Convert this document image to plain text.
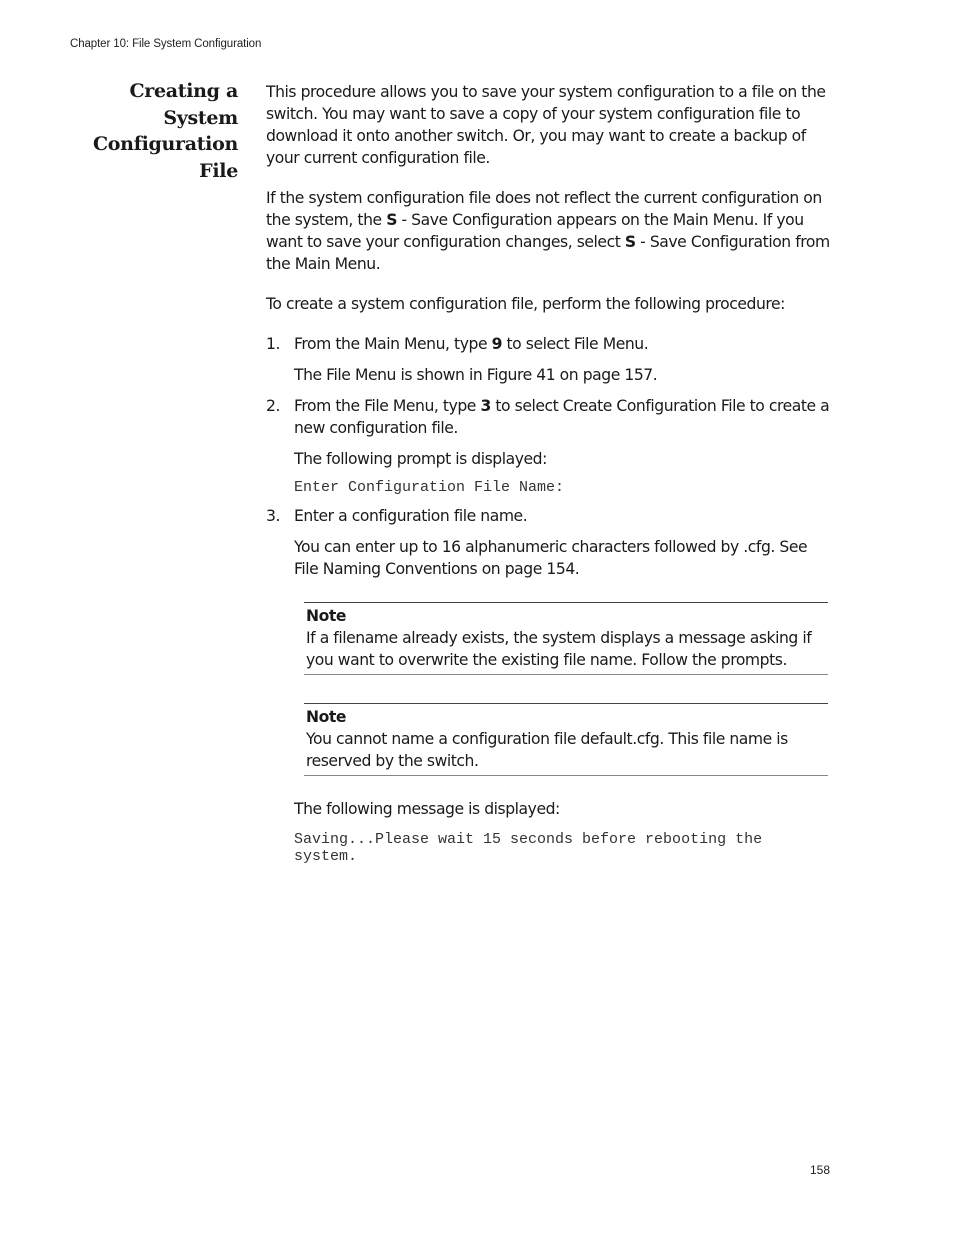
Chapter 10: File System Configuration
Creating a
System
Configuration
File

This procedure allows you to save your system configuration to a file on the switch. You may want to save a copy of your system configuration file to download it onto another switch. Or, you may want to create a backup of your current configuration file.

If the system configuration file does not reflect the current configuration on the system, the S - Save Configuration appears on the Main Menu. If you want to save your configuration changes, select S - Save Configuration from the Main Menu.

To create a system configuration file, perform the following procedure:

1. From the Main Menu, type 9 to select File Menu.

The File Menu is shown in Figure 41 on page 157.

2. From the File Menu, type 3 to select Create Configuration File to create a new configuration file.

The following prompt is displayed:

Enter Configuration File Name:
3. Enter a configuration file name.

You can enter up to 16 alphanumeric characters followed by .cfg. See File Naming Conventions on page 154.

Note
If a filename already exists, the system displays a message asking if you want to overwrite the existing file name. Follow the prompts.
Note
You cannot name a configuration file default.cfg. This file name is reserved by the switch.

The following message is displayed:

Saving...Please wait 15 seconds before rebooting the system.
158
